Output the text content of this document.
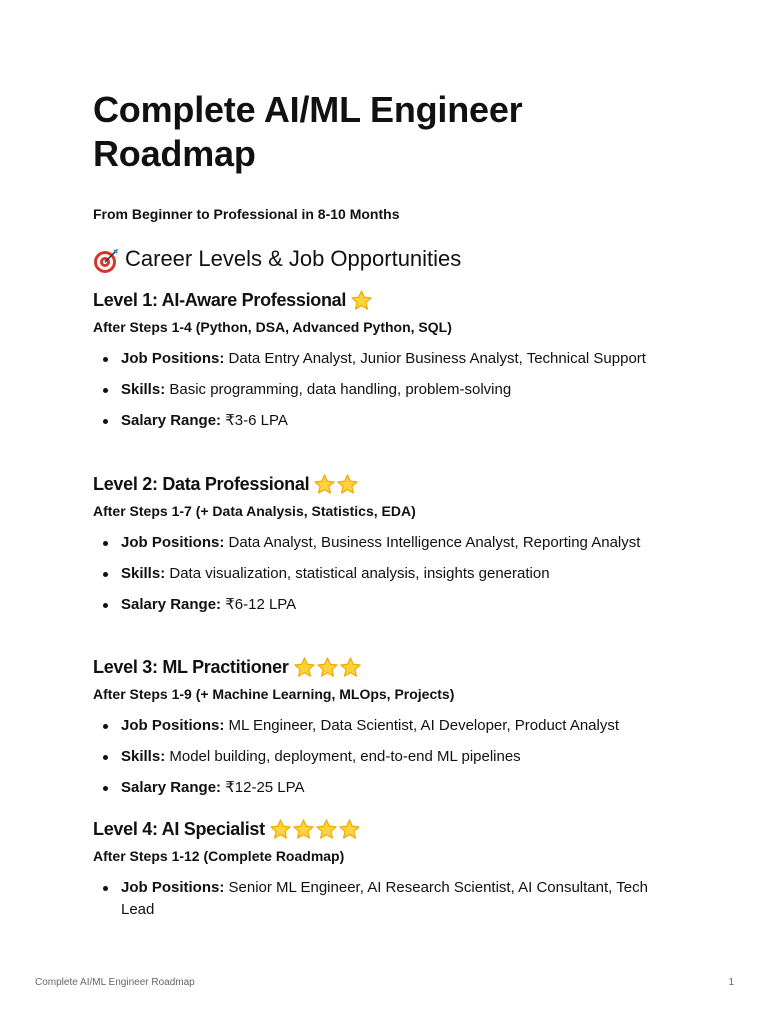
Complete AI/ML Engineer Roadmap

From Beginner to Professional in 8-10 Months

Career Levels & Job Opportunities
Level 1: AI-Aware Professional

After Steps 1-4 (Python, DSA, Advanced Python, SQL)

Job Positions: Data Entry Analyst, Junior Business Analyst, Technical Support
Skills: Basic programming, data handling, problem-solving
Salary Range: ₹3-6 LPA
Level 2: Data Professional

After Steps 1-7 (+ Data Analysis, Statistics, EDA)

Job Positions: Data Analyst, Business Intelligence Analyst, Reporting Analyst
Skills: Data visualization, statistical analysis, insights generation
Salary Range: ₹6-12 LPA
Level 3: ML Practitioner

After Steps 1-9 (+ Machine Learning, MLOps, Projects)

Job Positions: ML Engineer, Data Scientist, AI Developer, Product Analyst
Skills: Model building, deployment, end-to-end ML pipelines
Salary Range: ₹12-25 LPA
Level 4: AI Specialist

After Steps 1-12 (Complete Roadmap)

Job Positions: Senior ML Engineer, AI Research Scientist, AI Consultant, Tech Lead
Complete AI/ML Engineer Roadmap	1
